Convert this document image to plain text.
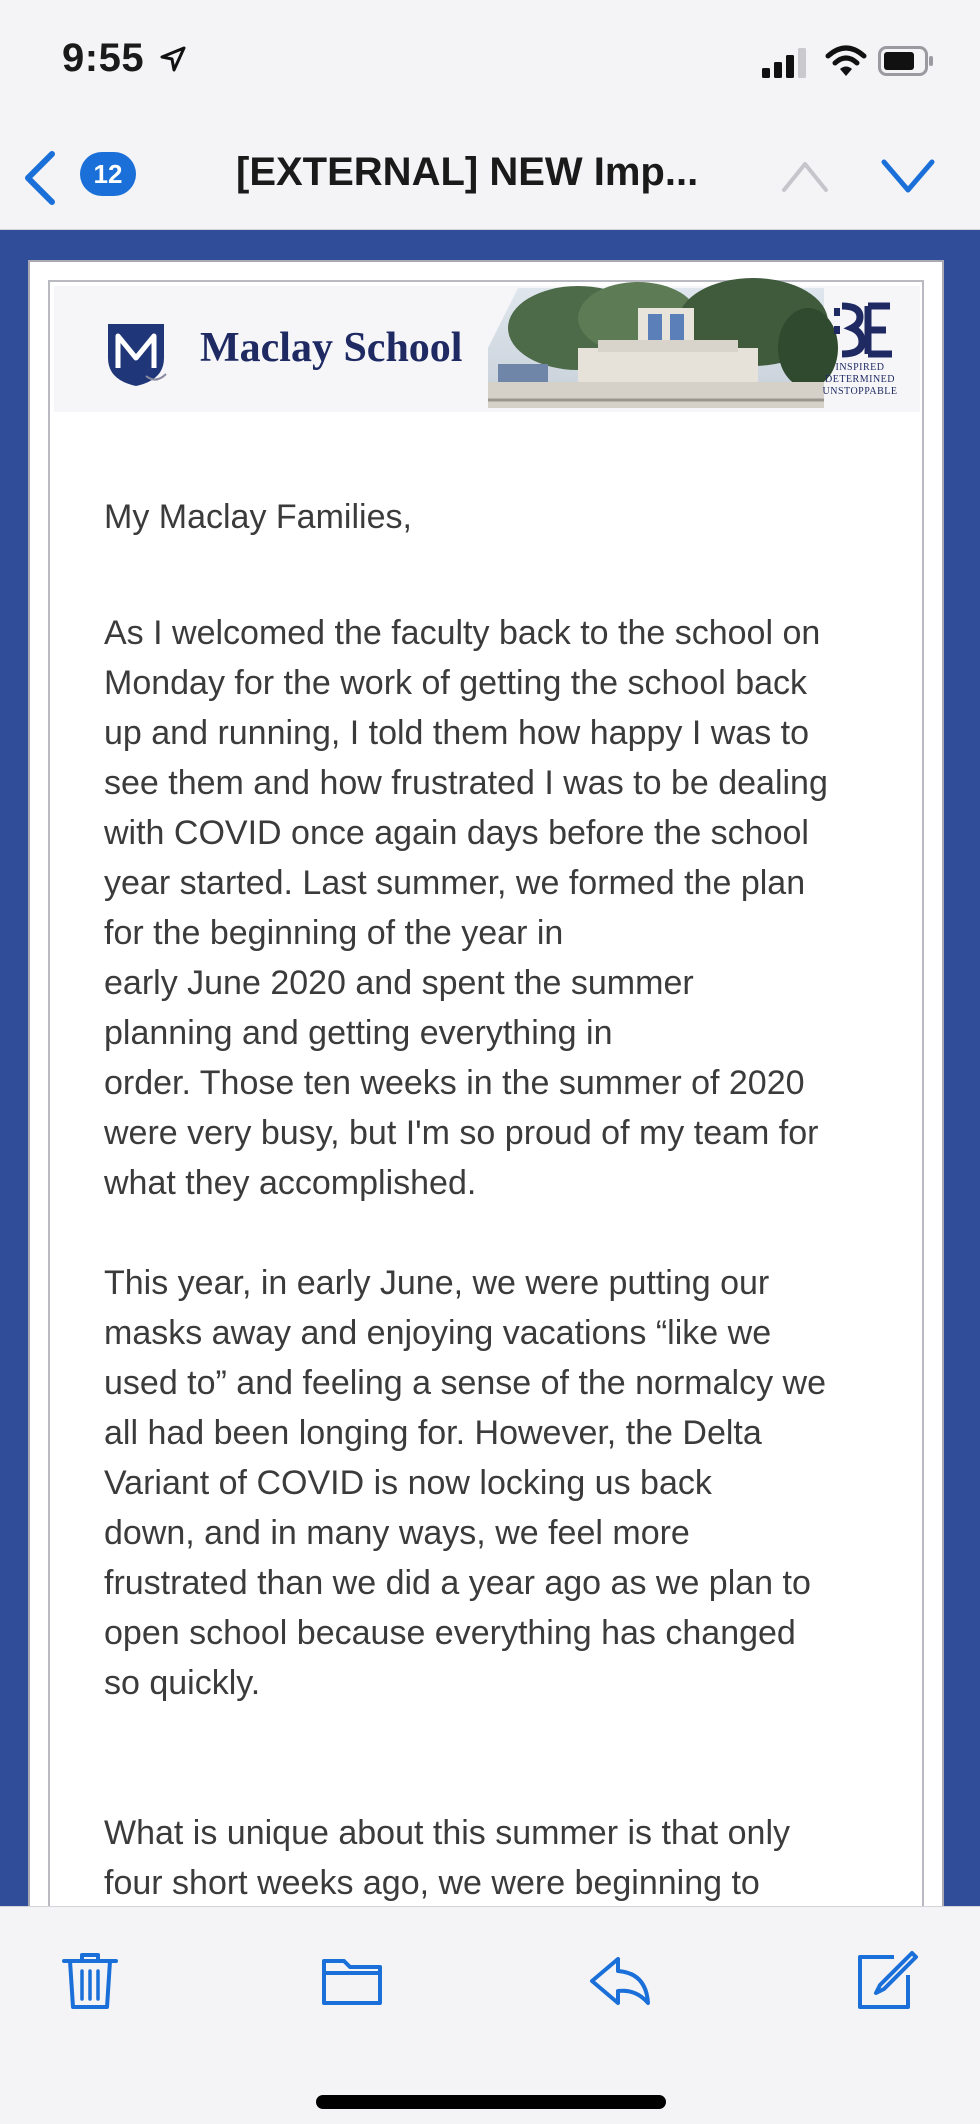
9:55
12	[EXTERNAL] NEW Imp...
Maclay School	INSPIRED
DETERMINED
UNSTOPPABLE

My Maclay Families,

As I welcomed the faculty back to the school on
Monday for the work of getting the school back
up and running, I told them how happy I was to
see them and how frustrated I was to be dealing
with COVID once again days before the school
year started. Last summer, we formed the plan
for the beginning of the year in
early June 2020 and spent the summer
planning and getting everything in
order. Those ten weeks in the summer of 2020
were very busy, but I'm so proud of my team for
what they accomplished.

This year, in early June, we were putting our
masks away and enjoying vacations “like we
used to” and feeling a sense of the normalcy we
all had been longing for. However, the Delta
Variant of COVID is now locking us back
down, and in many ways, we feel more
frustrated than we did a year ago as we plan to
open school because everything has changed
so quickly.

What is unique about this summer is that only
four short weeks ago, we were beginning to
